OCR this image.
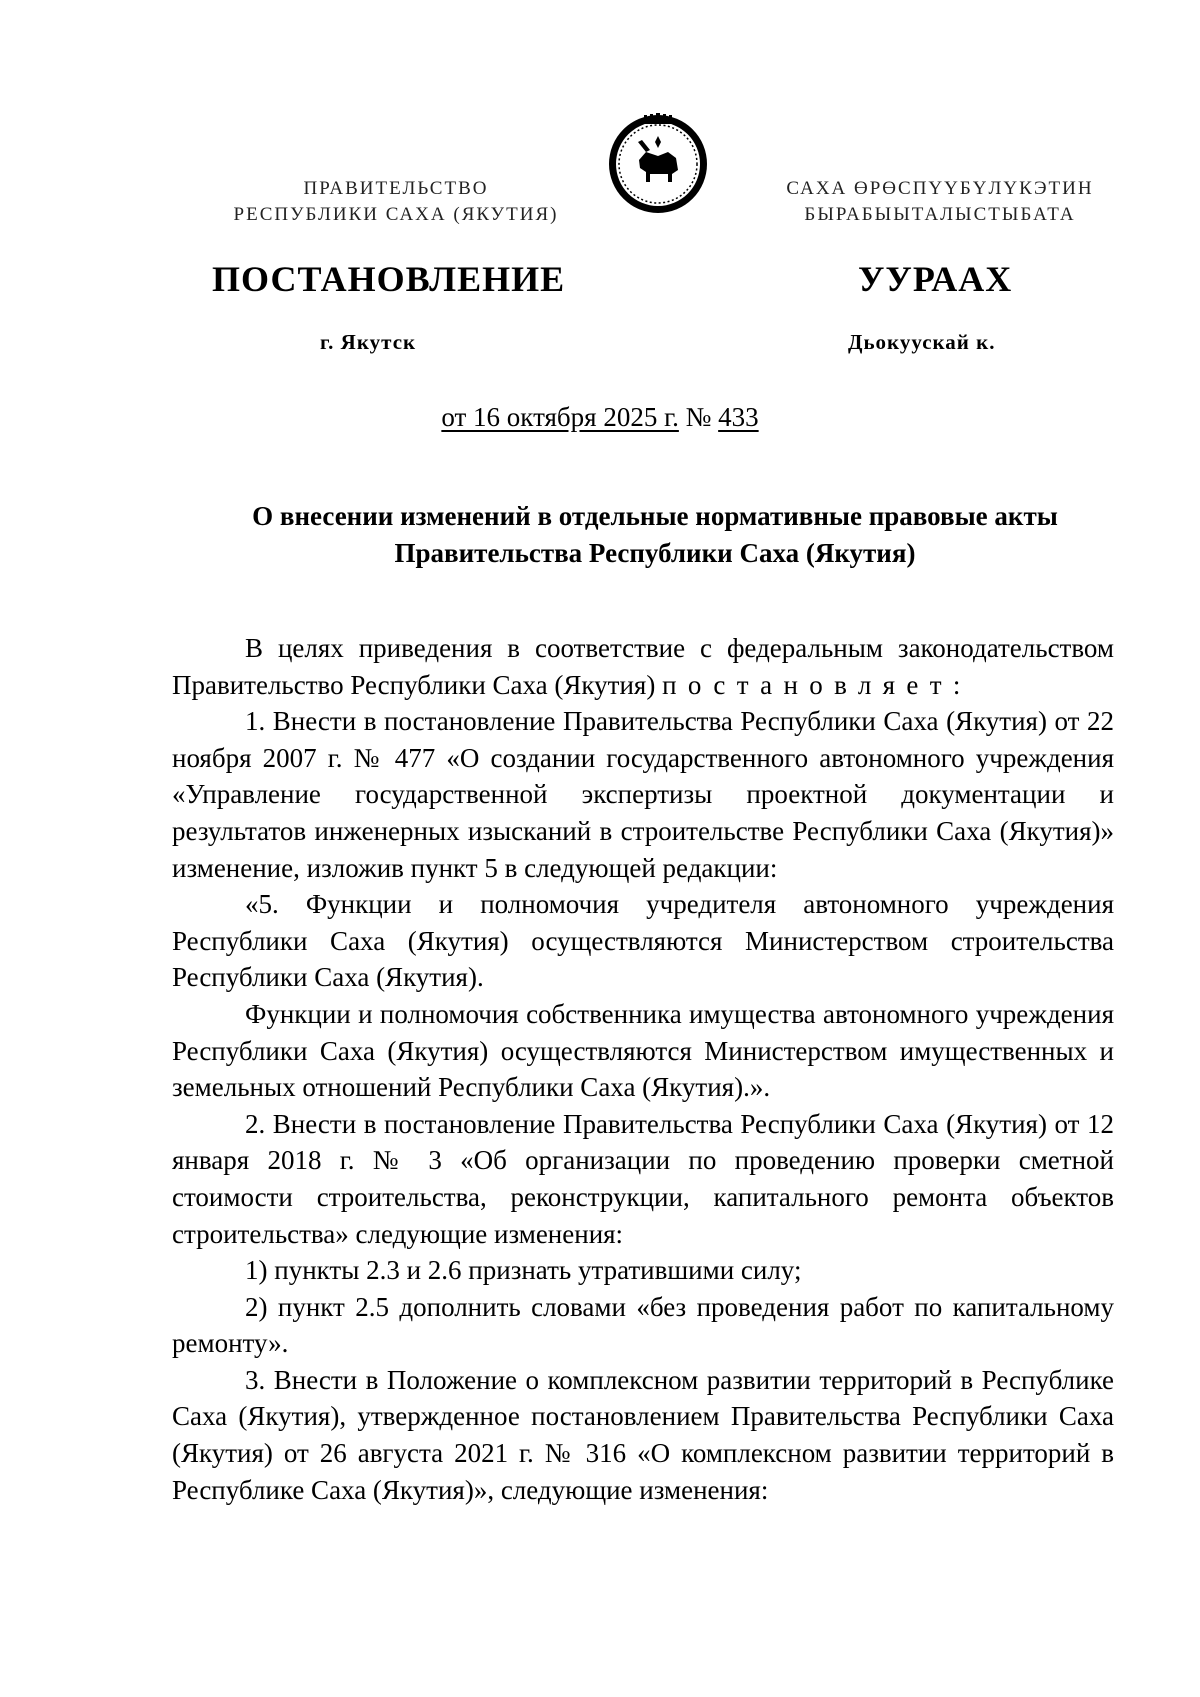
ПРАВИТЕЛЬСТВО
РЕСПУБЛИКИ САХА (ЯКУТИЯ)
САХА ӨРӨСПҮҮБҮЛҮКЭТИН
БЫРАБЫЫТАЛЫСТЫБАТА
ПОСТАНОВЛЕНИЕ	УУРААХ
г. Якутск	Дьокуускай к.
от 16 октября 2025 г. № 433
О внесении изменений в отдельные нормативные правовые акты
Правительства Республики Саха (Якутия)

В целях приведения в соответствие с федеральным законодательством Правительство Республики Саха (Якутия) постановляет:

1. Внести в постановление Правительства Республики Саха (Якутия) от 22 ноября 2007 г. № 477 «О создании государственного автономного учреждения «Управление государственной экспертизы проектной документации и результатов инженерных изысканий в строительстве Республики Саха (Якутия)» изменение, изложив пункт 5 в следующей редакции:

«5. Функции и полномочия учредителя автономного учреждения Республики Саха (Якутия) осуществляются Министерством строительства Республики Саха (Якутия).

Функции и полномочия собственника имущества автономного учреждения Республики Саха (Якутия) осуществляются Министерством имущественных и земельных отношений Республики Саха (Якутия).».

2. Внести в постановление Правительства Республики Саха (Якутия) от 12 января 2018 г. № 3 «Об организации по проведению проверки сметной стоимости строительства, реконструкции, капитального ремонта объектов строительства» следующие изменения:

1) пункты 2.3 и 2.6 признать утратившими силу;

2) пункт 2.5 дополнить словами «без проведения работ по капитальному ремонту».

3. Внести в Положение о комплексном развитии территорий в Республике Саха (Якутия), утвержденное постановлением Правительства Республики Саха (Якутия) от 26 августа 2021 г. № 316 «О комплексном развитии территорий в Республике Саха (Якутия)», следующие изменения:
